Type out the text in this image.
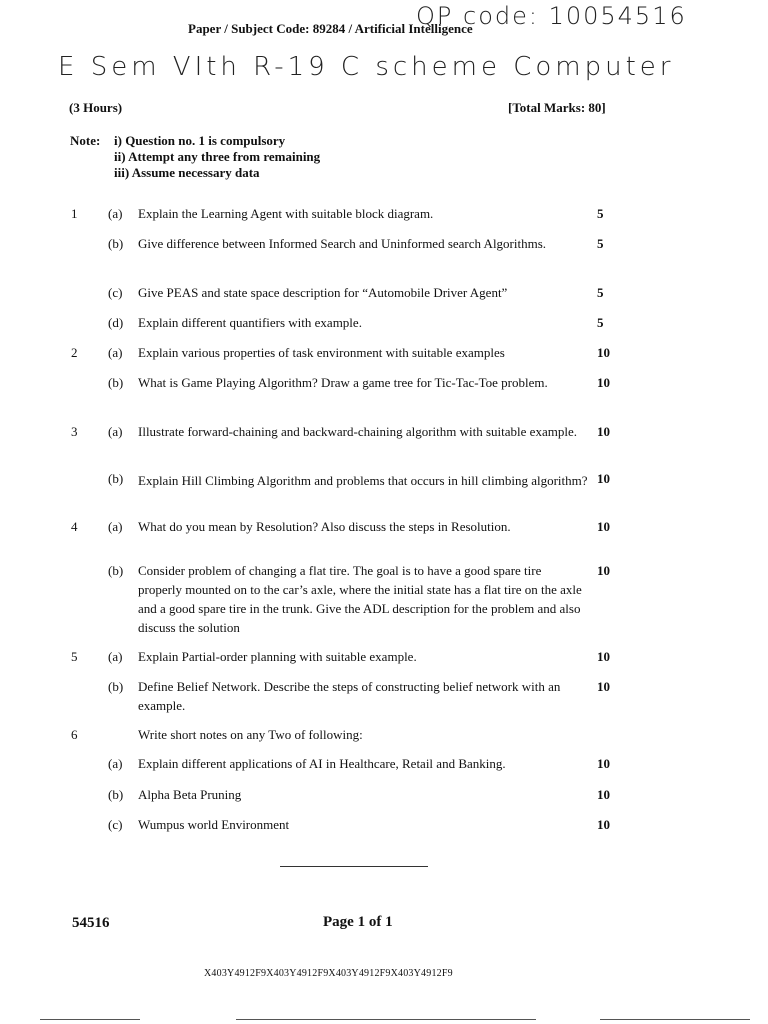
Paper / Subject Code: 89284 / Artificial Intelligence
QP code: 10054516
E Sem VIth R-19 C scheme Computer
(3 Hours)	[Total Marks: 80]
Note: i) Question no. 1 is compulsory
ii) Attempt any three from remaining
iii) Assume necessary data
1 (a) Explain the Learning Agent with suitable block diagram.	5
(b) Give difference between Informed Search and Uninformed search Algorithms.	5
(c) Give PEAS and state space description for “Automobile Driver Agent”	5
(d) Explain different quantifiers with example.	5
2 (a) Explain various properties of task environment with suitable examples	10
(b) What is Game Playing Algorithm? Draw a game tree for Tic-Tac-Toe problem.	10
3 (a) Illustrate forward-chaining and backward-chaining algorithm with suitable example.	10
(b) Explain Hill Climbing Algorithm and problems that occurs in hill climbing algorithm? 10
4 (a) What do you mean by Resolution? Also discuss the steps in Resolution.	10
(b) Consider problem of changing a flat tire. The goal is to have a good spare tire properly mounted on to the car’s axle, where the initial state has a flat tire on the axle and a good spare tire in the trunk. Give the ADL description for the problem and also discuss the solution
10
5 (a) Explain Partial-order planning with suitable example.	10
(b) Define Belief Network. Describe the steps of constructing belief network with an example.
10
6	Write short notes on any Two of following:
(a) Explain different applications of AI in Healthcare, Retail and Banking.	10
(b) Alpha Beta Pruning	10
(c) Wumpus world Environment	10
54516	Page 1 of 1
X403Y4912F9X403Y4912F9X403Y4912F9X403Y4912F9
